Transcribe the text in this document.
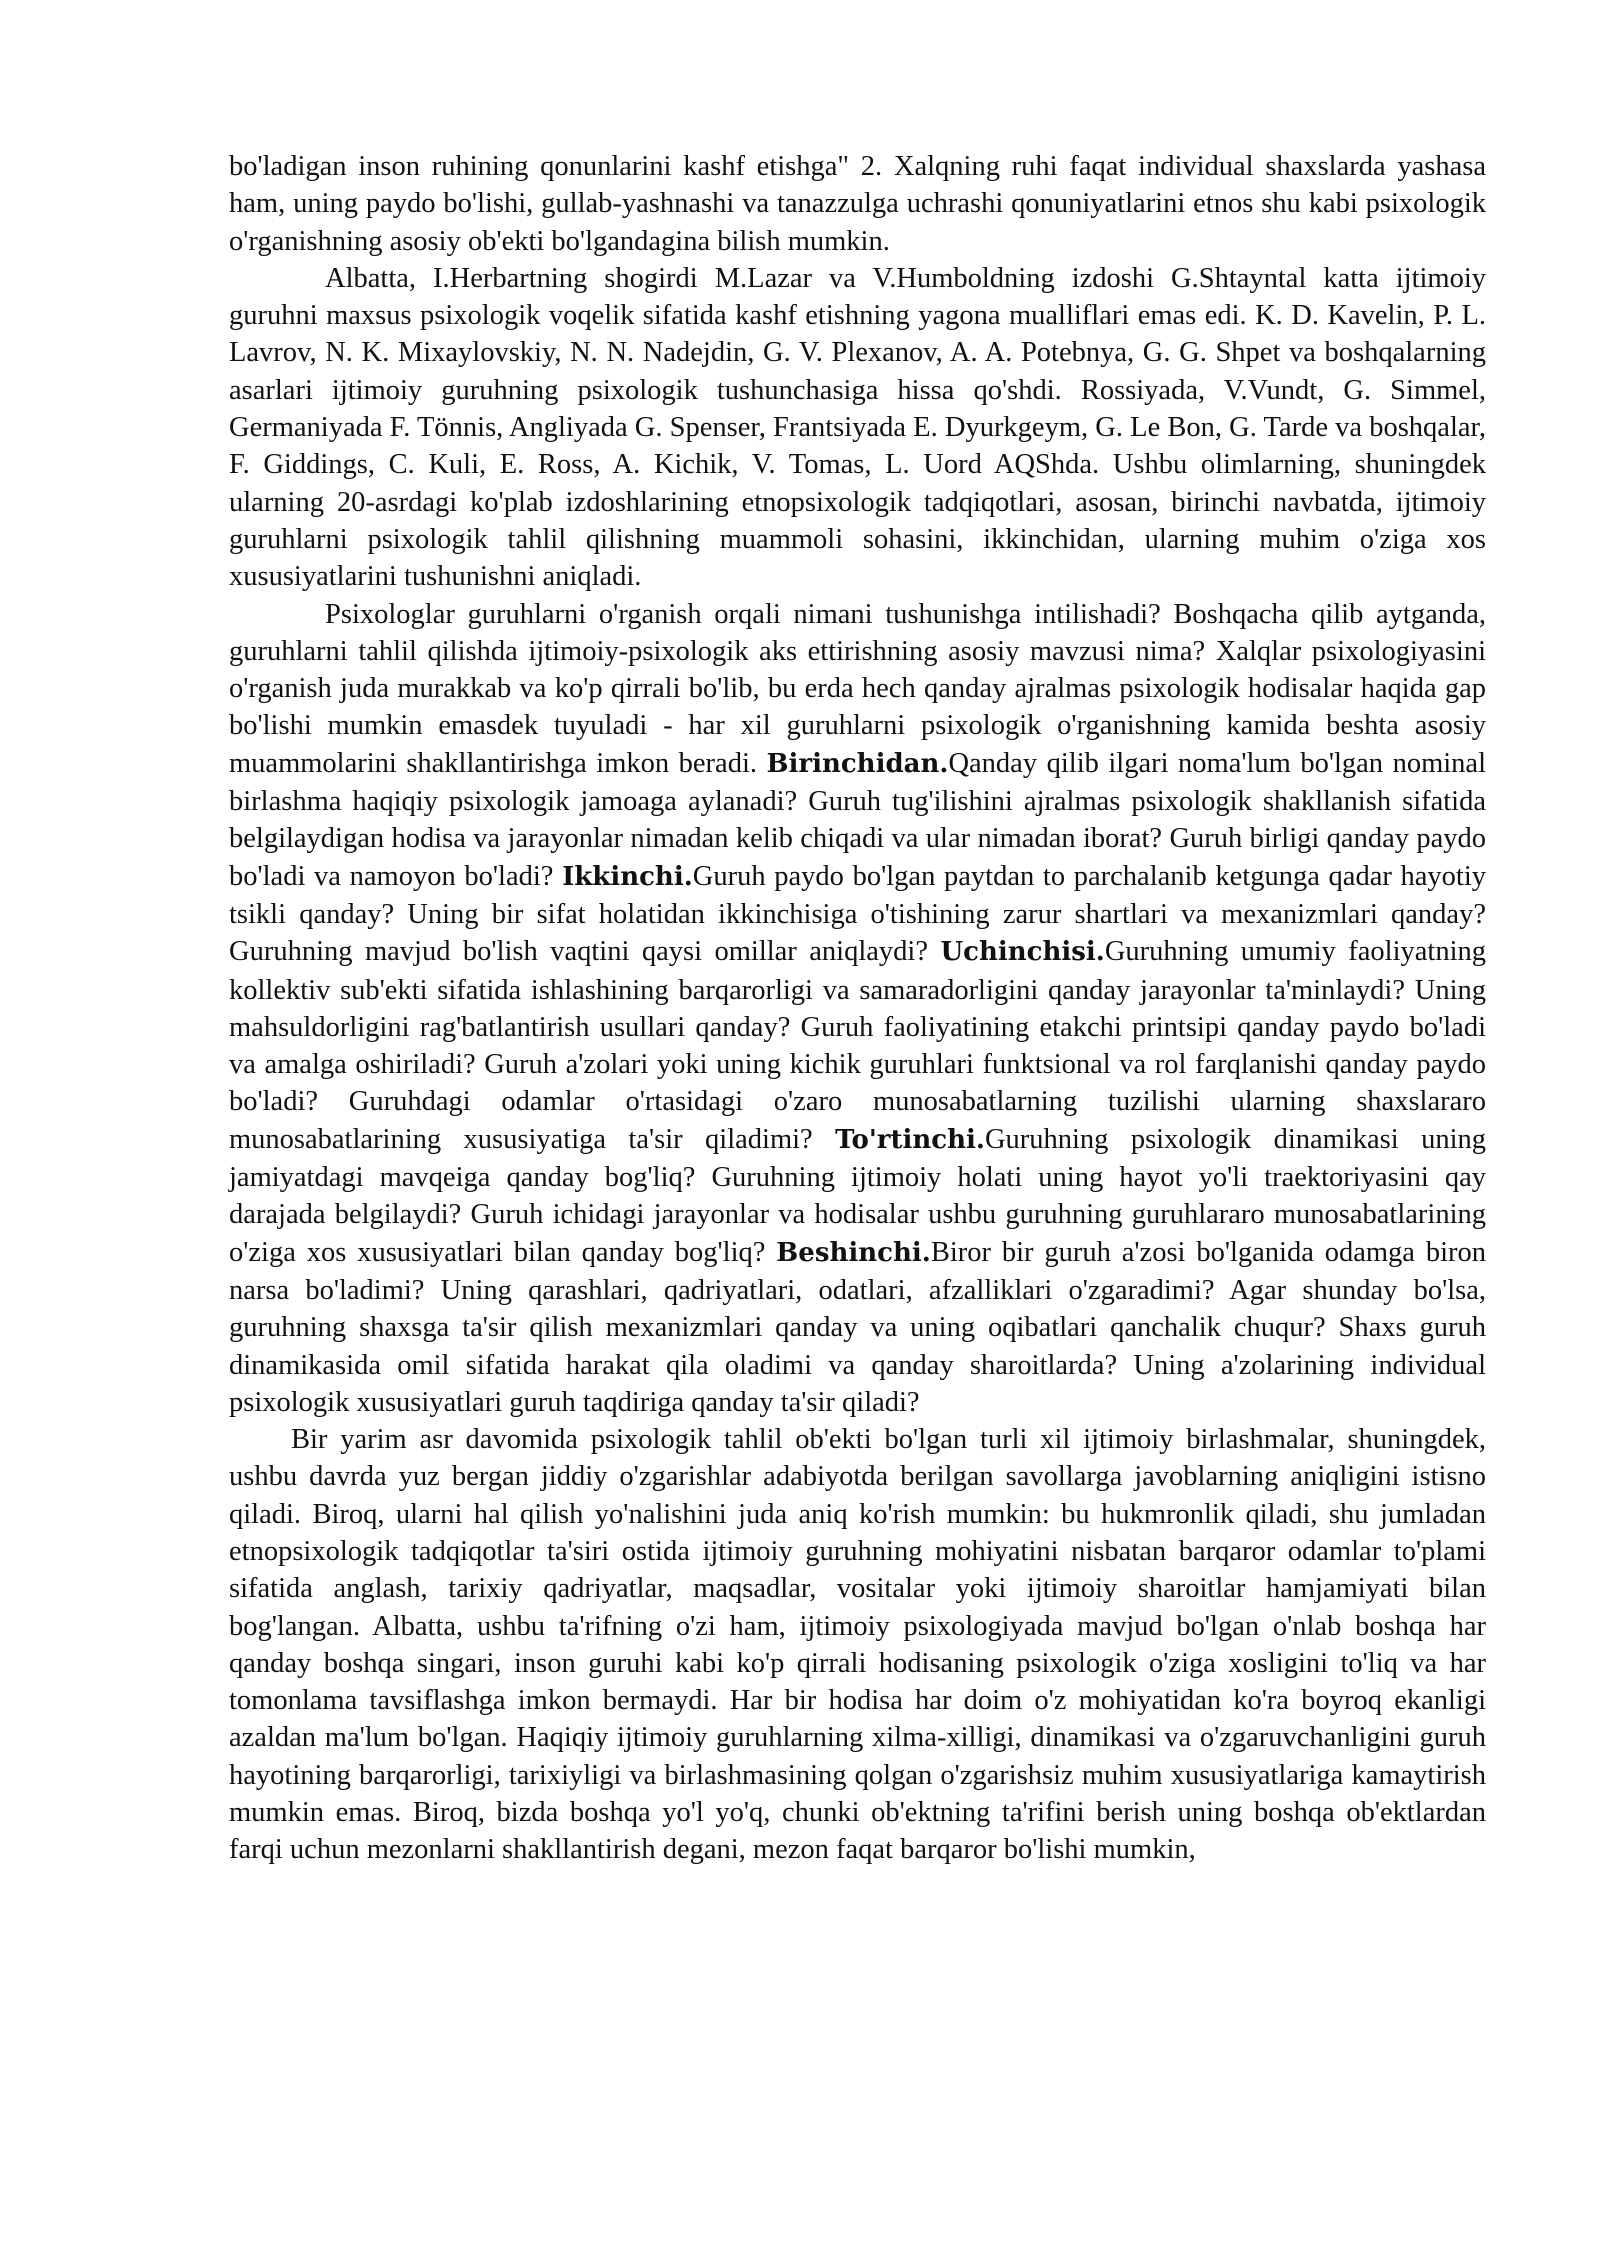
bo'ladigan inson ruhining qonunlarini kashf etishga" 2. Xalqning ruhi faqat individual shaxslarda yashasa ham, uning paydo bo'lishi, gullab-yashnashi va tanazzulga uchrashi qonuniyatlarini etnos shu kabi psixologik o'rganishning asosiy ob'ekti bo'lgandagina bilish mumkin.

Albatta, I.Herbartning shogirdi M.Lazar va V.Humboldning izdoshi G.Shtayntal katta ijtimoiy guruhni maxsus psixologik voqelik sifatida kashf etishning yagona mualliflari emas edi. K. D. Kavelin, P. L. Lavrov, N. K. Mixaylovskiy, N. N. Nadejdin, G. V. Plexanov, A. A. Potebnya, G. G. Shpet va boshqalarning asarlari ijtimoiy guruhning psixologik tushunchasiga hissa qo'shdi. Rossiyada, V.Vundt, G. Simmel, Germaniyada F. Tönnis, Angliyada G. Spenser, Frantsiyada E. Dyurkgeym, G. Le Bon, G. Tarde va boshqalar, F. Giddings, C. Kuli, E. Ross, A. Kichik, V. Tomas, L. Uord AQShda. Ushbu olimlarning, shuningdek ularning 20-asrdagi ko'plab izdoshlarining etnopsixologik tadqiqotlari, asosan, birinchi navbatda, ijtimoiy guruhlarni psixologik tahlil qilishning muammoli sohasini, ikkinchidan, ularning muhim o'ziga xos xususiyatlarini tushunishni aniqladi.

Psixologlar guruhlarni o'rganish orqali nimani tushunishga intilishadi? Boshqacha qilib aytganda, guruhlarni tahlil qilishda ijtimoiy-psixologik aks ettirishning asosiy mavzusi nima? Xalqlar psixologiyasini o'rganish juda murakkab va ko'p qirrali bo'lib, bu erda hech qanday ajralmas psixologik hodisalar haqida gap bo'lishi mumkin emasdek tuyuladi - har xil guruhlarni psixologik o'rganishning kamida beshta asosiy muammolarini shakllantirishga imkon beradi. Birinchidan.Qanday qilib ilgari noma'lum bo'lgan nominal birlashma haqiqiy psixologik jamoaga aylanadi? Guruh tug'ilishini ajralmas psixologik shakllanish sifatida belgilaydigan hodisa va jarayonlar nimadan kelib chiqadi va ular nimadan iborat? Guruh birligi qanday paydo bo'ladi va namoyon bo'ladi? Ikkinchi.Guruh paydo bo'lgan paytdan to parchalanib ketgunga qadar hayotiy tsikli qanday? Uning bir sifat holatidan ikkinchisiga o'tishining zarur shartlari va mexanizmlari qanday? Guruhning mavjud bo'lish vaqtini qaysi omillar aniqlaydi? Uchinchisi.Guruhning umumiy faoliyatning kollektiv sub'ekti sifatida ishlashining barqarorligi va samaradorligini qanday jarayonlar ta'minlaydi? Uning mahsuldorligini rag'batlantirish usullari qanday? Guruh faoliyatining etakchi printsipi qanday paydo bo'ladi va amalga oshiriladi? Guruh a'zolari yoki uning kichik guruhlari funktsional va rol farqlanishi qanday paydo bo'ladi? Guruhdagi odamlar o'rtasidagi o'zaro munosabatlarning tuzilishi ularning shaxslararo munosabatlarining xususiyatiga ta'sir qiladimi? To'rtinchi.Guruhning psixologik dinamikasi uning jamiyatdagi mavqeiga qanday bog'liq? Guruhning ijtimoiy holati uning hayot yo'li traektoriyasini qay darajada belgilaydi? Guruh ichidagi jarayonlar va hodisalar ushbu guruhning guruhlararo munosabatlarining o'ziga xos xususiyatlari bilan qanday bog'liq? Beshinchi.Biror bir guruh a'zosi bo'lganida odamga biron narsa bo'ladimi? Uning qarashlari, qadriyatlari, odatlari, afzalliklari o'zgaradimi? Agar shunday bo'lsa, guruhning shaxsga ta'sir qilish mexanizmlari qanday va uning oqibatlari qanchalik chuqur? Shaxs guruh dinamikasida omil sifatida harakat qila oladimi va qanday sharoitlarda? Uning a'zolarining individual psixologik xususiyatlari guruh taqdiriga qanday ta'sir qiladi?

Bir yarim asr davomida psixologik tahlil ob'ekti bo'lgan turli xil ijtimoiy birlashmalar, shuningdek, ushbu davrda yuz bergan jiddiy o'zgarishlar adabiyotda berilgan savollarga javoblarning aniqligini istisno qiladi. Biroq, ularni hal qilish yo'nalishini juda aniq ko'rish mumkin: bu hukmronlik qiladi, shu jumladan etnopsixologik tadqiqotlar ta'siri ostida ijtimoiy guruhning mohiyatini nisbatan barqaror odamlar to'plami sifatida anglash, tarixiy qadriyatlar, maqsadlar, vositalar yoki ijtimoiy sharoitlar hamjamiyati bilan bog'langan. Albatta, ushbu ta'rifning o'zi ham, ijtimoiy psixologiyada mavjud bo'lgan o'nlab boshqa har qanday boshqa singari, inson guruhi kabi ko'p qirrali hodisaning psixologik o'ziga xosligini to'liq va har tomonlama tavsiflashga imkon bermaydi. Har bir hodisa har doim o'z mohiyatidan ko'ra boyroq ekanligi azaldan ma'lum bo'lgan. Haqiqiy ijtimoiy guruhlarning xilma-xilligi, dinamikasi va o'zgaruvchanligini guruh hayotining barqarorligi, tarixiyligi va birlashmasining qolgan o'zgarishsiz muhim xususiyatlariga kamaytirish mumkin emas. Biroq, bizda boshqa yo'l yo'q, chunki ob'ektning ta'rifini berish uning boshqa ob'ektlardan farqi uchun mezonlarni shakllantirish degani, mezon faqat barqaror bo'lishi mumkin,
